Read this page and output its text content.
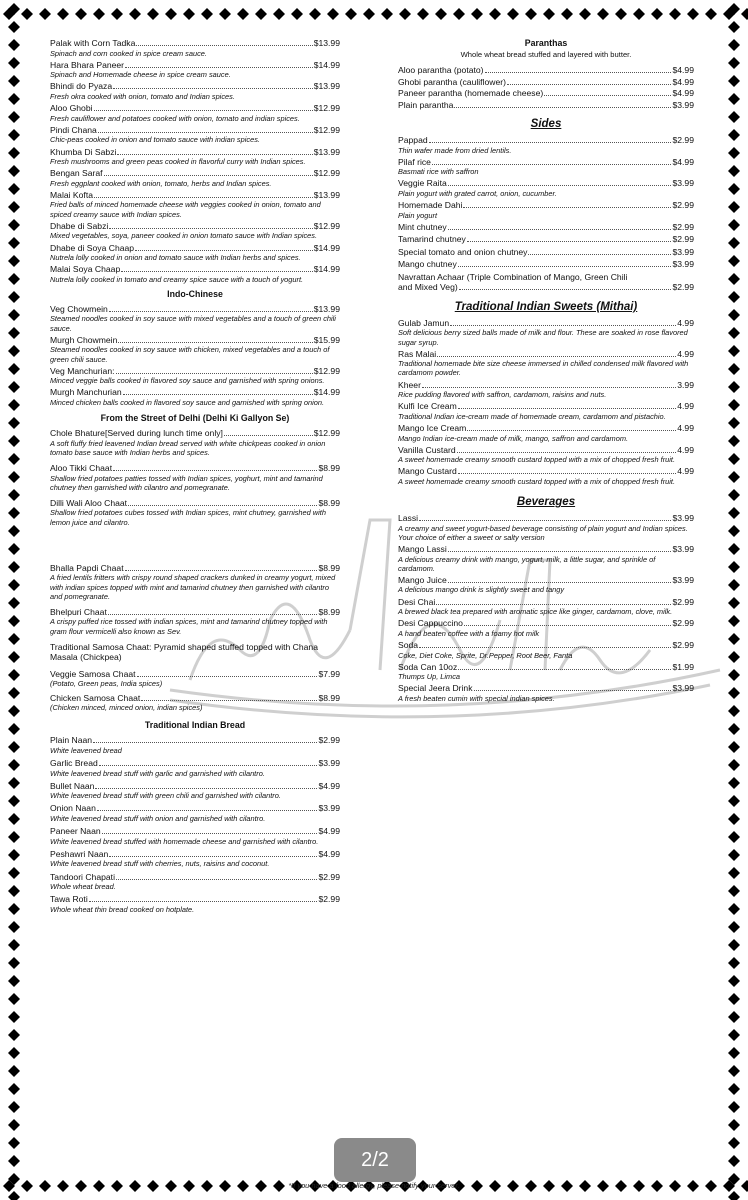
Palak with Corn Tadka	$13.99
Spinach and corn cooked in spice cream sauce.
Hara Bhara Paneer	$14.99
Spinach and Homemade cheese in spice cream sauce.
Bhindi do Pyaza	$13.99
Fresh okra cooked with onion, tomato and Indian spices.
Aloo Ghobi	$12.99
Fresh cauliflower and potatoes cooked with onion, tomato and indian spices.
Pindi Chana	$12.99
Chic-peas cooked in onion and tomato sauce with indian spices.
Khumba Di Sabzi	$13.99
Fresh mushrooms and green peas cooked in flavorful curry with Indian spices.
Bengan Saraf	$12.99
Fresh eggplant cooked with onion, tomato, herbs and Indian spices.
Malai Kofta	$13.99
Fried balls of minced homemade cheese with veggies cooked in onion, tomato and spiced creamy sauce with Indian spices.
Dhabe di Sabzi	$12.99
Mixed vegetables, soya, paneer cooked in onion tomato sauce with Indian spices.
Dhabe di Soya Chaap	$14.99
Nutrela lolly cooked in onion and tomato sauce with Indian herbs and spices.
Malai Soya Chaap	$14.99
Nutrela lolly cooked in tomato and creamy spice sauce with a touch of yogurt.
Indo-Chinese
Veg Chowmein	$13.99
Steamed noodles cooked in soy sauce with mixed vegetables and a touch of green chili sauce.
Murgh Chowmein	$15.99
Steamed noodles cooked in soy sauce with chicken, mixed vegetables and a touch of green chili sauce.
Veg Manchurian:	$12.99
Minced veggie balls cooked in flavored soy sauce and garnished with spring onions.
Murgh Manchurian	$14.99
Minced chicken balls cooked in flavored soy sauce and garnished with spring onion.
From the Street of Delhi (Delhi Ki Gallyon Se)
Chole Bhature[Served during lunch time only]	$12.99
A soft fluffy fried leavened Indian bread served with white chickpeas cooked in onion tomato base sauce with Indian herbs and spices.
Aloo Tikki Chaat	$8.99
Shallow fried potatoes patties tossed with Indian spices, yoghurt, mint and tamarind chutney then garnished with cilantro and pomegranate.
Dilli Wali Aloo Chaat	$8.99
Shallow fried potatoes cubes tossed with Indian spices, mint chutney, garnished with lemon juice and cilantro.
Bhalla Papdi Chaat	$8.99
A fried lentils fritters with crispy round shaped crackers dunked in creamy yogurt, mixed with indian spices topped with mint and tamarind chutney then garnished with cilantro and pomegranate.
Bhelpuri Chaat	$8.99
A crispy puffed rice tossed with indian spices, mint and tamarind chutney topped with gram flour vermicelli also known as Sev.
Traditional Samosa Chaat: Pyramid shaped stuffed topped with Chana Masala (Chickpea)
Veggie Samosa Chaat	$7.99
(Potato, Green peas, India spices)
Chicken Samosa Chaat	$8.99
(Chicken minced, minced onion, indian spices)
Traditional Indian Bread
Plain Naan	$2.99
White leavened bread
Garlic Bread	$3.99
White leavened bread stuff with garlic and garnished with cilantro.
Bullet Naan	$4.99
White leavened bread stuff with green chili and garnished with cilantro.
Onion Naan	$3.99
White leavened bread stuff with onion and garnished with cilantro.
Paneer Naan	$4.99
White leavened bread stuffed with homemade cheese and garnished with cilantro.
Peshawri Naan	$4.99
White leavened bread stuff with cherries, nuts, raisins and coconut.
Tandoori Chapati	$2.99
Whole wheat bread.
Tawa Roti	$2.99
Whole wheat thin bread cooked on hotplate.
Paranthas
Whole wheat bread stuffed and layered with butter.
Aloo parantha (potato)	$4.99
Ghobi parantha (cauliflower)	$4.99
Paneer parantha (homemade cheese)	$4.99
Plain parantha	$3.99
Sides
Pappad	$2.99
Thin wafer made from dried lentils.
Pilaf rice	$4.99
Basmati rice with saffron
Veggie Raita	$3.99
Plain yogurt with grated carrot, onion, cucumber.
Homemade Dahi	$2.99
Plain yogurt
Mint chutney	$2.99
Tamarind chutney	$2.99
Special tomato and onion chutney	$3.99
Mango chutney	$3.99
Navrattan Achaar (Triple Combination of Mango, Green Chili
and Mixed Veg)	$2.99
Traditional Indian Sweets (Mithai)
Gulab Jamun	4.99
Soft delicious berry sized balls made of milk and flour. These are soaked in rose flavored sugar syrup.
Ras Malai	4.99
Traditional homemade bite size cheese immersed in chilled condensed milk flavored with cardamom powder.
Kheer	3.99
Rice pudding flavored with saffron, cardamom, raisins and nuts.
Kulfi Ice Cream	4.99
Traditional Indian ice-cream made of homemade cream, cardamom and pistachio.
Mango Ice Cream	4.99
Mango Indian ice-cream made of milk, mango, saffron and cardamom.
Vanilla Custard	4.99
A sweet homemade creamy smooth custard topped with a mix of chopped fresh fruit.
Mango Custard	4.99
A sweet homemade creamy smooth custard topped with a mix of chopped fresh fruit.
Beverages
Lassi	$3.99
A creamy and sweet yogurt-based beverage consisting of plain yogurt and Indian spices. Your choice of either a sweet or salty version
Mango Lassi	$3.99
A delicious creamy drink with mango, yogurt, milk, a little sugar, and sprinkle of cardamom.
Mango Juice	$3.99
A delicious mango drink is slightly sweet and tangy
Desi Chai	$2.99
A brewed black tea prepared with aromatic spice like ginger, cardamom, clove, milk.
Desi Cappuccino	$2.99
A hand beaten coffee with a foamy hot milk
Soda	$2.99
Coke, Diet Coke, Sprite, Dr.Pepper, Root Beer, Fanta
Soda Can 10oz	$1.99
Thumps Up, Limca
Special Jeera Drink	$3.99
A fresh beaten cumin with special indian spices.
2/2
*If you have a food allergy, please notify your server.
